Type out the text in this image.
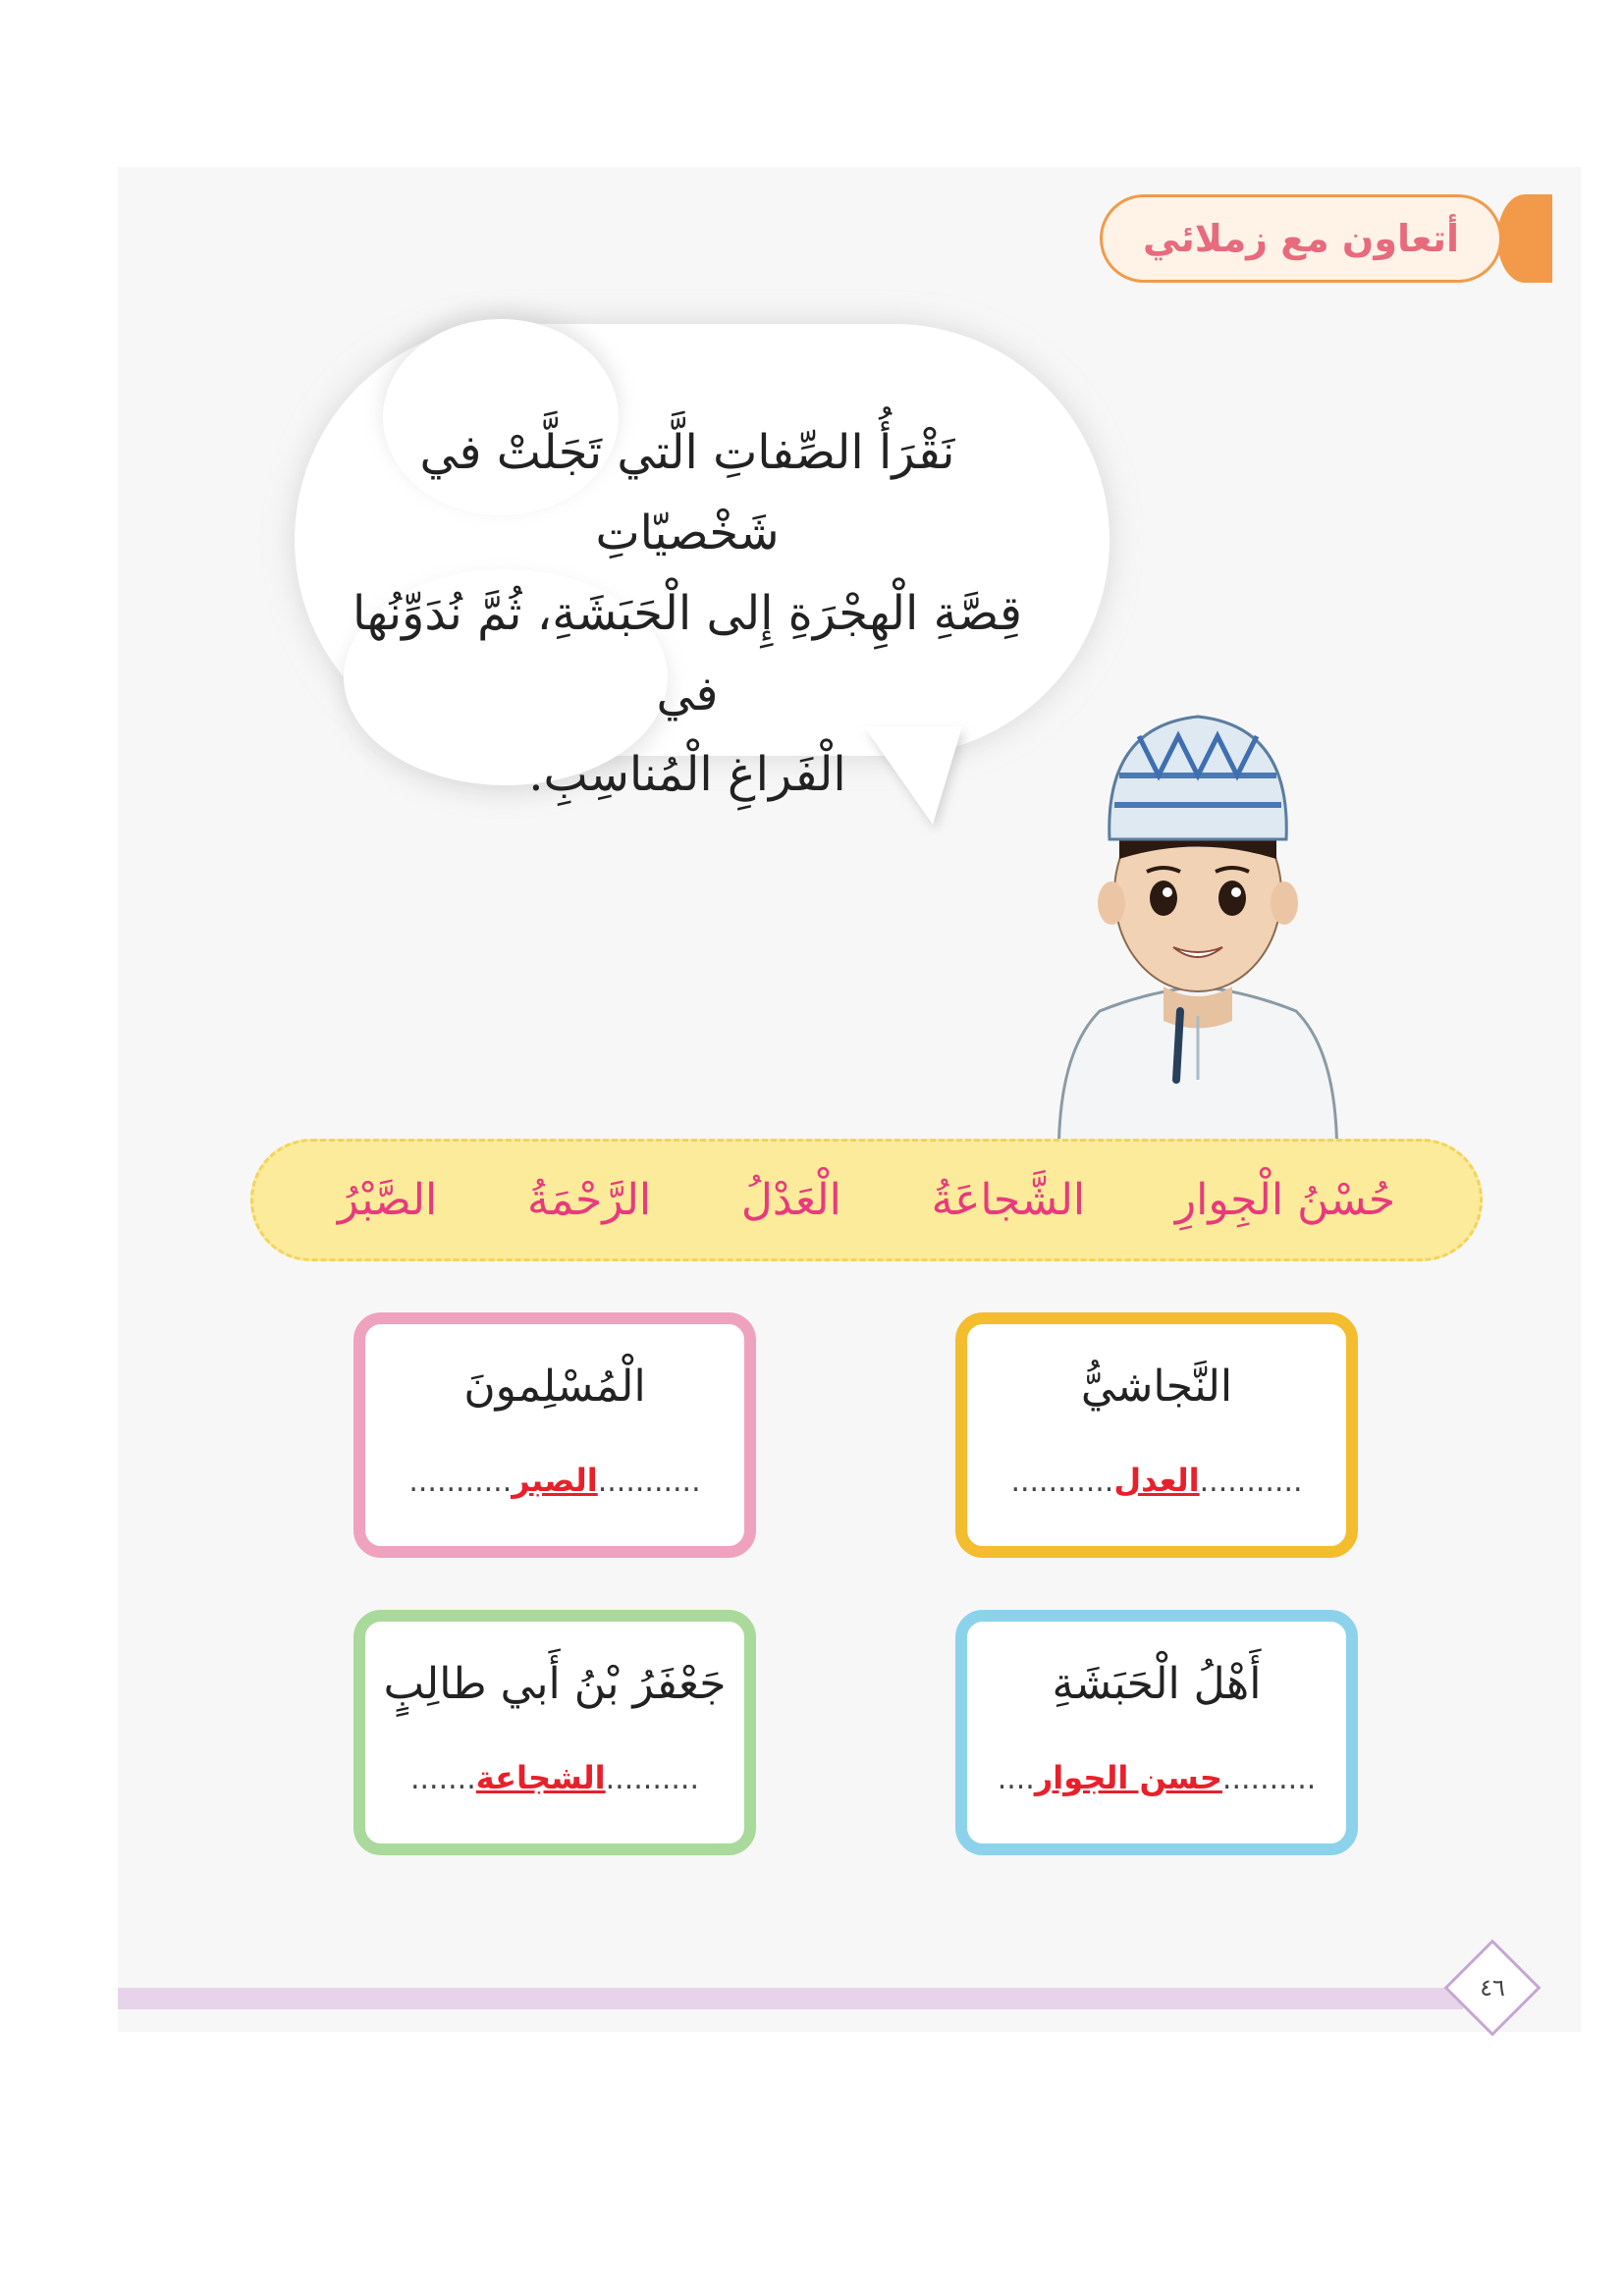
أتعاون مع زملائي
نَقْرَأُ الصِّفاتِ الَّتي تَجَلَّتْ في شَخْصيّاتِ
قِصَّةِ الْهِجْرَةِ إِلى الْحَبَشَةِ، ثُمَّ نُدَوِّنُها في
الْفَراغِ الْمُناسِبِ.
حُسْنُ الْجِوارِ
الشَّجاعَةُ
الْعَدْلُ
الرَّحْمَةُ
الصَّبْرُ
النَّجاشيُّ
...........العدل...........
الْمُسْلِمونَ
...........الصبر...........
أَهْلُ الْحَبَشَةِ
..........حسن الجوار....
جَعْفَرُ بْنُ أَبي طالِبٍ
..........الشجاعة.......
٤٦
